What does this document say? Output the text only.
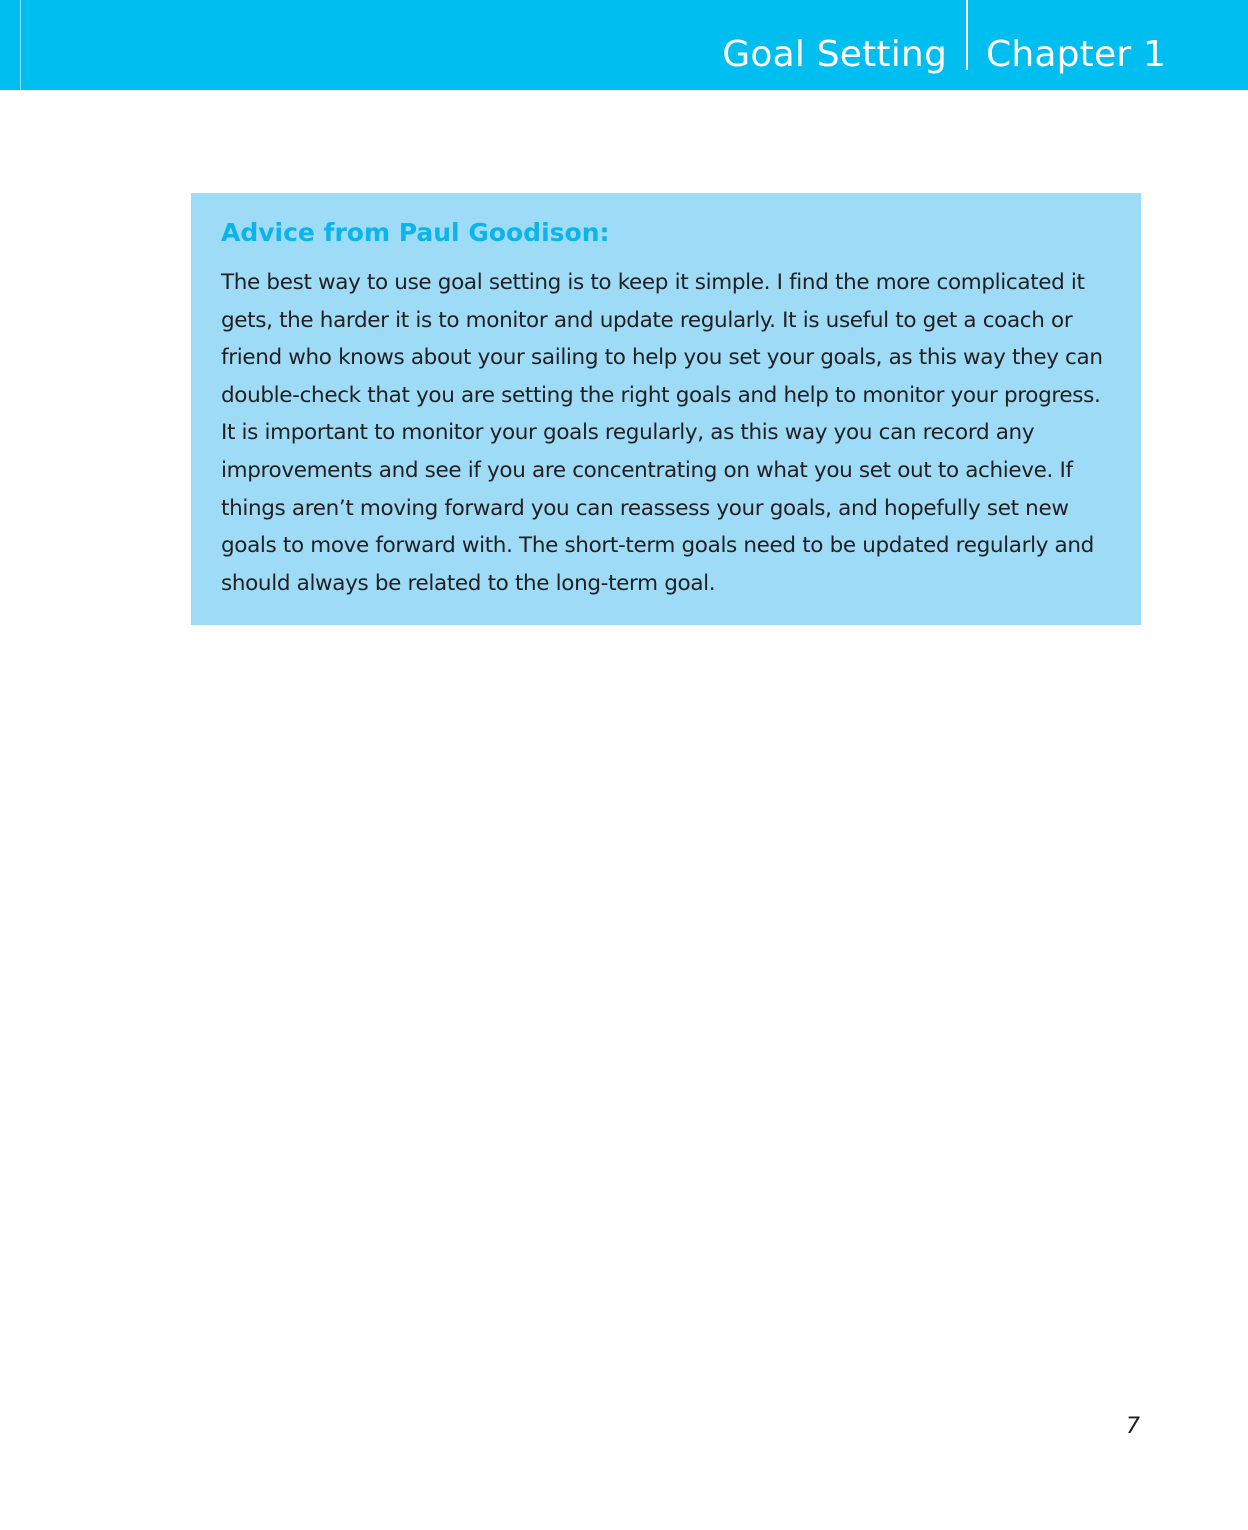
Goal Setting Chapter 1
Advice from Paul Goodison:

The best way to use goal setting is to keep it simple. I find the more complicated it gets, the harder it is to monitor and update regularly. It is useful to get a coach or friend who knows about your sailing to help you set your goals, as this way they can double-check that you are setting the right goals and help to monitor your progress. It is important to monitor your goals regularly, as this way you can record any improvements and see if you are concentrating on what you set out to achieve. If things aren’t moving forward you can reassess your goals, and hopefully set new goals to move forward with. The short-term goals need to be updated regularly and should always be related to the long-term goal.

7
